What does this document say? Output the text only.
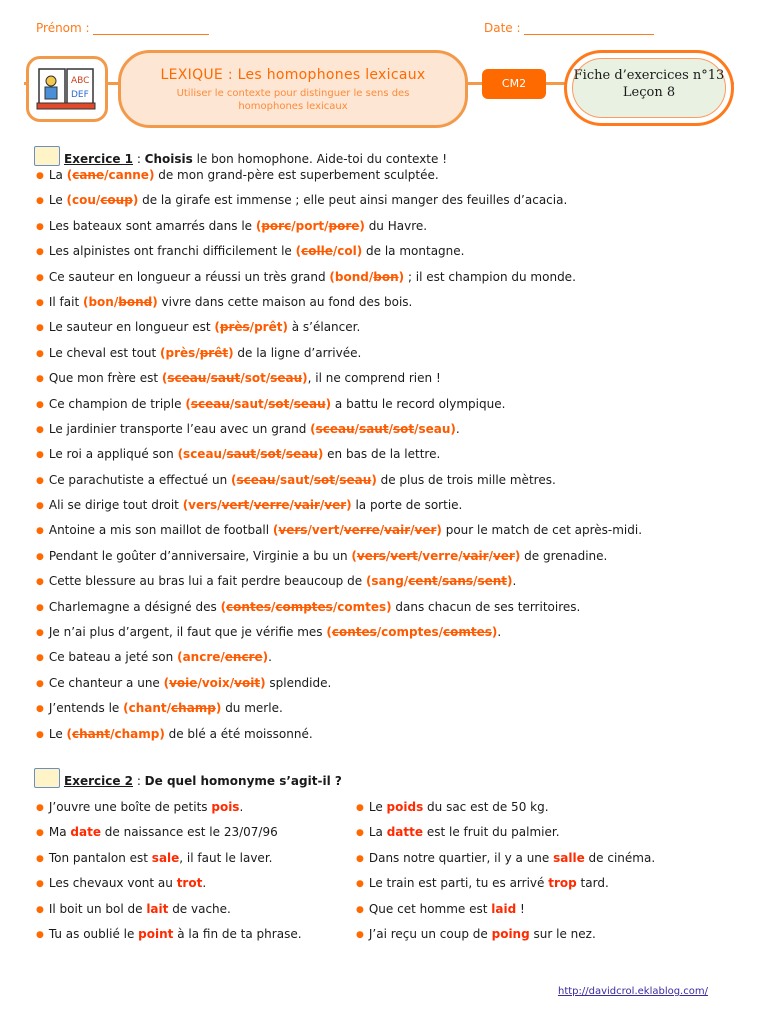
Prénom :	Date :
ABC
DEF
LEXIQUE : Les homophones lexicaux
Utiliser le contexte pour distinguer le sens des homophones lexicaux
CM2
Fiche d’exercices n°13
Leçon 8
Exercice 1 : Choisis le bon homophone. Aide-toi du contexte !
● La (cane/canne) de mon grand-père est superbement sculptée.
● Le (cou/coup) de la girafe est immense ; elle peut ainsi manger des feuilles d’acacia.
● Les bateaux sont amarrés dans le (porc/port/pore) du Havre.
● Les alpinistes ont franchi difficilement le (colle/col) de la montagne.
● Ce sauteur en longueur a réussi un très grand (bond/bon) ; il est champion du monde.
● Il fait (bon/bond) vivre dans cette maison au fond des bois.
● Le sauteur en longueur est (près/prêt) à s’élancer.
● Le cheval est tout (près/prêt) de la ligne d’arrivée.
● Que mon frère est (sceau/saut/sot/seau), il ne comprend rien !
● Ce champion de triple (sceau/saut/sot/seau) a battu le record olympique.
● Le jardinier transporte l’eau avec un grand (sceau/saut/sot/seau).
● Le roi a appliqué son (sceau/saut/sot/seau) en bas de la lettre.
● Ce parachutiste a effectué un (sceau/saut/sot/seau) de plus de trois mille mètres.
● Ali se dirige tout droit (vers/vert/verre/vair/ver) la porte de sortie.
● Antoine a mis son maillot de football (vers/vert/verre/vair/ver) pour le match de cet après-midi.
● Pendant le goûter d’anniversaire, Virginie a bu un (vers/vert/verre/vair/ver) de grenadine.
● Cette blessure au bras lui a fait perdre beaucoup de (sang/cent/sans/sent).
● Charlemagne a désigné des (contes/comptes/comtes) dans chacun de ses territoires.
● Je n’ai plus d’argent, il faut que je vérifie mes (contes/comptes/comtes).
● Ce bateau a jeté son (ancre/encre).
● Ce chanteur a une (voie/voix/voit) splendide.
● J’entends le (chant/champ) du merle.
● Le (chant/champ) de blé a été moissonné.
Exercice 2 : De quel homonyme s’agit-il ?
● J’ouvre une boîte de petits pois.
● Ma date de naissance est le 23/07/96
● Ton pantalon est sale, il faut le laver.
● Les chevaux vont au trot.
● Il boit un bol de lait de vache.
● Tu as oublié le point à la fin de ta phrase.
● Le poids du sac est de 50 kg.
● La datte est le fruit du palmier.
● Dans notre quartier, il y a une salle de cinéma.
● Le train est parti, tu es arrivé trop tard.
● Que cet homme est laid !
● J’ai reçu un coup de poing sur le nez.
http://davidcrol.eklablog.com/
